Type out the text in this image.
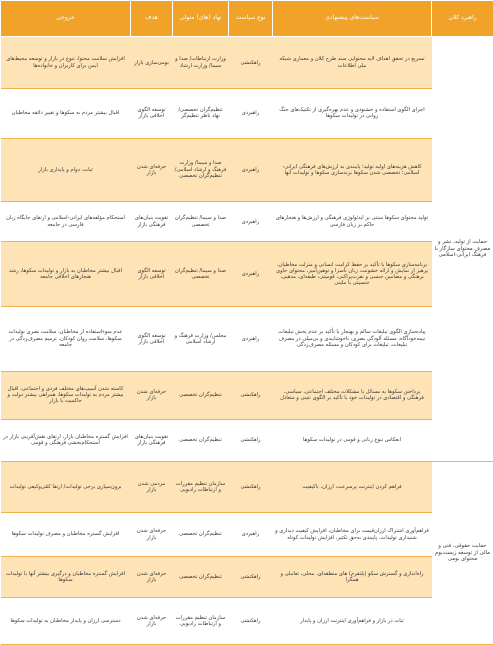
راهبرد کلان	سیاست‌های پیشنهادی	نوع سیاست	نهاد (های) متولی	هدف	خروجی
حمایت از تولید، نشر و مصرف محتوای سازگار با فرهنگ ایرانی-اسلامی	تسریع در تحقق اهداف لایه محتوایی سند طرح کلان و معماری شبکه ملی اطلاعات	راهکنشی	وزارت ارتباطات/ صدا و سیما/ وزارت ارشاد	بومی‌سازی بازار	افزایش سلامت محتوا، تنوع در بازار و توسعه محیط‌های ایمن برای کاربران و خانواده‌ها
	اجرای الگوی استفاده و خشنودی و عدم بهره‌گیری از تکنیک‌های جنگ روانی در تولیدات سکوها	راهبردی	تنظیم‌گران تخصصی/ نهاد ناظر تنظیم‌گر	توسعه الگوی اخلاقی بازار	اقبال بیشتر مردم به سکوها و تغییر ذائقه مخاطبان
	کاهش هزینه‌های اولیه تولید؛ پایبندی به ارزش‌های فرهنگی ایرانی-اسلامی؛ تخصصی شدن سکوها برندسازی سکوها و تولیدات آنها	راهبردی	صدا و سیما/ وزارت فرهنگ و ارشاد اسلامی/ تنظیم‌گران تخصصی	حرفه‌ای شدن بازار	ثبات، دوام و پایداری بازار
	تولید محتوای سکوها مبتنی بر ایدئولوژی فرهنگی و ارزش‌ها و هنجارهای حاکم بر زبان فارسی	راهبردی	صدا و سیما/ تنظیم‌گران تخصصی	تقویت بنیان‌های فرهنگی بازار	استحکام مؤلفه‌های ایرانی-اسلامی و ارتقای جایگاه زبان فارسی در جامعه
	برنامه‌سازی سکوها با تأکید بر حفظ کرامت انسانی و منزلت مخاطبان، پرهیز از نمایش و ارائه خشونت، زبان ناسزا و توهین‌آمیز، محتوای حاوی برهنگی و مضامین جنسی و نفرت‌پراکنی، قومیتی، طبقه‌ای، مذهبی، جنسیتی یا ملیتی	راهبردی	صدا و سیما/ تنظیم‌گران تخصصی	توسعه الگوی اخلاقی بازار	اقبال بیشتر مخاطبان به بازار و تولیدات سکوها، رشد هنجارهای اخلاقی جامعه
	پیاده‌سازی الگوی تبلیغات سالم و بهنجار با تأکید بر عدم پخش تبلیغات نیمه‌خودآگاه، مسئله آلودگی بصری، ناخوشایندی و بی‌میلی در مصرف تبلیغات، تبلیغات برای کودکان و مسئله مصرف‌زدگی	راهبردی	مجلس/ وزارت فرهنگ و ارشاد اسلامی	توسعه الگوی اخلاقی بازار	عدم سوءاستفاده از مخاطبان، سلامت بصری تولیدات سکوها، سلامت روان کودکان، ترمیم مصرف‌زدگی در جامعه
	پرداختن سکوها به مسائل یا مشکلات مختلف اجتماعی، سیاسی، فرهنگی و اقتصادی در تولیدات خود با تأکید بر الگوی عینی و متعادل	راهکنشی	تنظیم‌گران تخصصی	حرفه‌ای شدن بازار	کاسته شدن آسیب‌های مختلف فردی و اجتماعی، اقبال بیشتر مردم به تولیدات سکوها، همراهی بیشتر دولت و حاکمیت با بازار
	انعکاس تنوع زبانی و قومی در تولیدات سکوها	راهکنشی	تنظیم‌گران تخصصی	تقویت بنیان‌های فرهنگی بازار	افزایش گستره مخاطبان بازار، ارتقای نقش‌آفرینی بازار در استحکام‌بخشی فرهنگی و قومی
حمایت حقوقی، فنی و مالی از توسعه زیست‌بوم محتوای بومی	فراهم کردن اینترنت پرسرعت، ارزان، باکیفیت	راهکنشی	سازمان تنظیم مقررات و ارتباطات رادیویی	مردمی شدن بازار	برون‌سپاری برخی تولیدات/ ارتقا کمّی‌وکیفی تولیدات
	فراهم‌آوری اشتراک ارزان‌قیمت برای مخاطبان، افزایش کیفیت دیداری و شنیداری تولیدات، پایبندی به‌حق تکثیر، افزایش تولیدات کوتاه	راهبردی	تنظیم‌گران تخصصی	حرفه‌ای شدن بازار	افزایش گستره مخاطبان و مصرف تولیدات سکوها
	راه‌اندازی و گسترش سکو (پلتفرم) های منطقه‌ای، محلی، تعاملی و همگرا	راهکنشی	تنظیم‌گران تخصصی	حرفه‌ای شدن بازار	افزایش گستره مخاطبان و درگیری بیشتر آنها با تولیدات سکوها
	ثبات در بازار و فراهم‌آوری اینترنت ارزان و پایدار	راهکنشی	سازمان تنظیم مقررات و ارتباطات رادیویی	حرفه‌ای شدن بازار	دسترسی ارزان و پایدار مخاطبان به تولیدات سکوها
